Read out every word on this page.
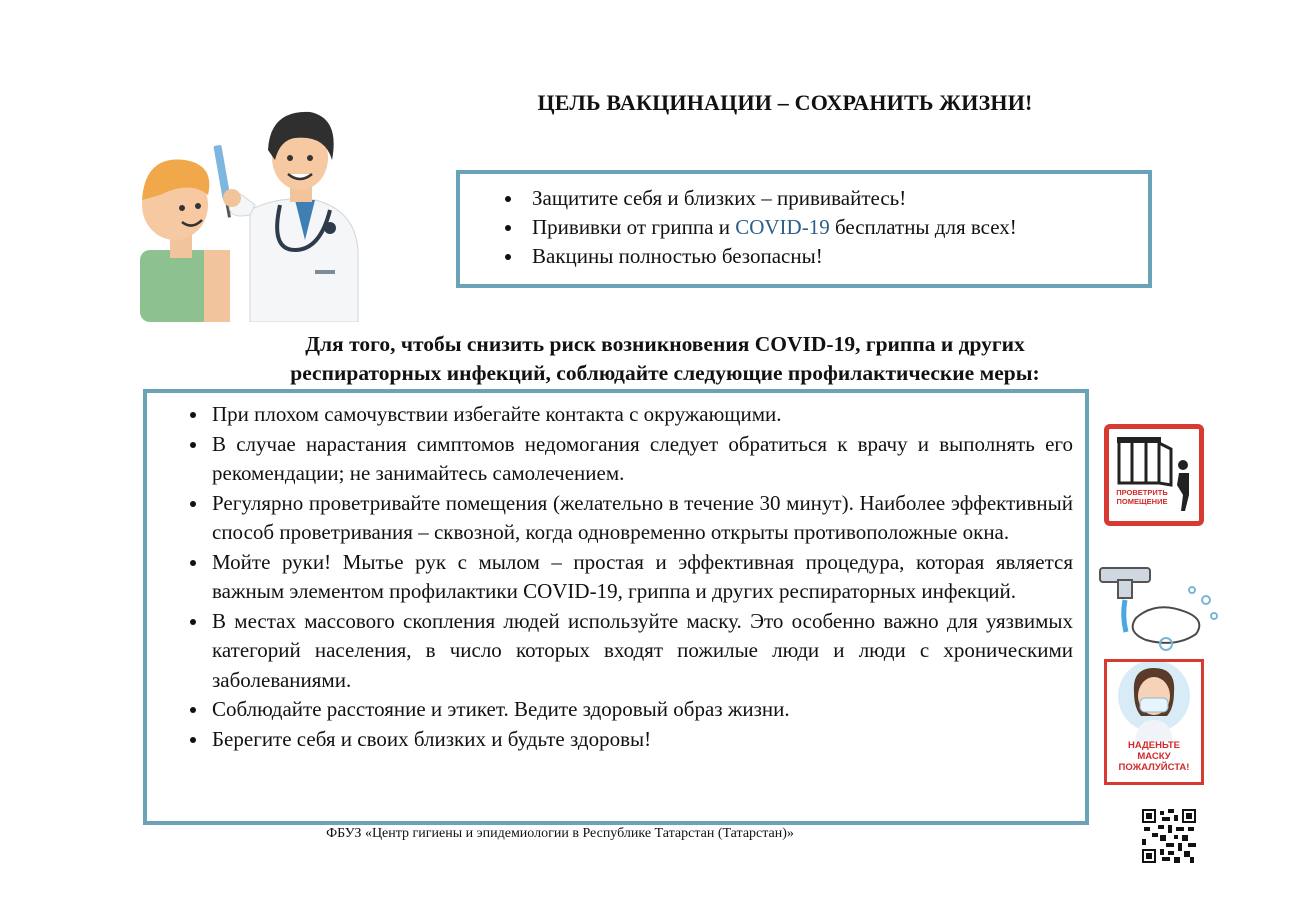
ЦЕЛЬ ВАКЦИНАЦИИ – СОХРАНИТЬ ЖИЗНИ!
• Защитите себя и близких – прививайтесь!
• Прививки от гриппа и COVID-19 бесплатны для всех!
• Вакцины полностью безопасны!
Для того, чтобы снизить риск возникновения COVID-19, гриппа и других
респираторных инфекций, соблюдайте следующие профилактические меры:
• При плохом самочувствии избегайте контакта с окружающими.
• В случае нарастания симптомов недомогания следует обратиться к врачу и выполнять его рекомендации; не занимайтесь самолечением.
• Регулярно проветривайте помещения (желательно в течение 30 минут). Наиболее эффективный способ проветривания – сквозной, когда одновременно открыты противоположные окна.
• Мойте руки! Мытье рук с мылом – простая и эффективная процедура, которая является важным элементом профилактики COVID-19, гриппа и других респираторных инфекций.
• В местах массового скопления людей используйте маску. Это особенно важно для уязвимых категорий населения, в число которых входят пожилые люди и люди с хроническими заболеваниями.
• Соблюдайте расстояние и этикет. Ведите здоровый образ жизни.
• Берегите себя и своих близких и будьте здоровы!
ПРОВЕТРИТЬ
ПОМЕЩЕНИЕ
НАДЕНЬТЕ
МАСКУ
ПОЖАЛУЙСТА!
ФБУЗ «Центр гигиены и эпидемиологии в Республике Татарстан (Татарстан)»
